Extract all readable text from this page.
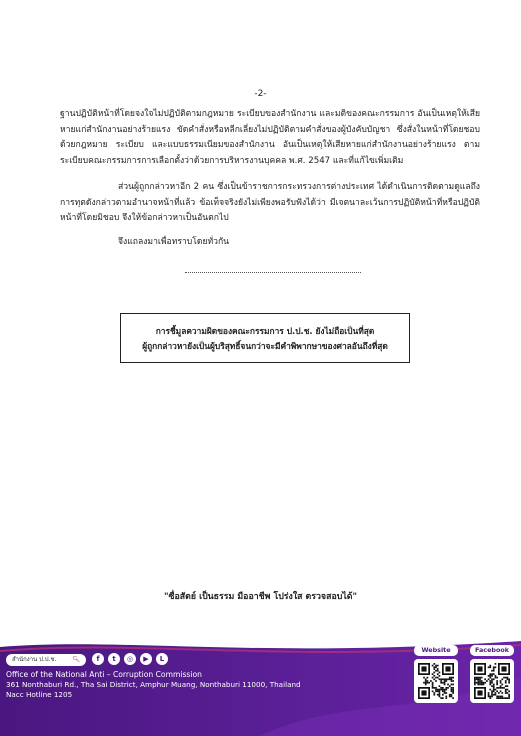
-2-

ฐานปฏิบัติหน้าที่โดยจงใจไม่ปฏิบัติตามกฎหมาย ระเบียบของสำนักงาน และมติของคณะกรรมการ อันเป็นเหตุให้เสียหายแก่สำนักงานอย่างร้ายแรง ขัดคำสั่งหรือหลีกเลี่ยงไม่ปฏิบัติตามคำสั่งของผู้บังคับบัญชา ซึ่งสั่งในหน้าที่โดยชอบด้วยกฎหมาย ระเบียบ และแบบธรรมเนียมของสำนักงาน อันเป็นเหตุให้เสียหายแก่สำนักงานอย่างร้ายแรง ตามระเบียบคณะกรรมการการเลือกตั้งว่าด้วยการบริหารงานบุคคล พ.ศ. 2547 และที่แก้ไขเพิ่มเติม

ส่วนผู้ถูกกล่าวหาอีก 2 คน ซึ่งเป็นข้าราชการกระทรวงการต่างประเทศ ได้ดำเนินการติดตามดูแลถึงการทุตดังกล่าวตามอำนาจหน้าที่แล้ว ข้อเท็จจริงยังไม่เพียงพอรับฟังได้ว่า มีเจตนาละเว้นการปฏิบัติหน้าที่หรือปฏิบัติหน้าที่โดยมิชอบ จึงให้ข้อกล่าวหาเป็นอันตกไป

จึงแถลงมาเพื่อทราบโดยทั่วกัน

การชี้มูลความผิดของคณะกรรมการ ป.ป.ช. ยังไม่ถือเป็นที่สุด
ผู้ถูกกล่าวหายังเป็นผู้บริสุทธิ์จนกว่าจะมีคำพิพากษาของศาลอันถึงที่สุด
"ซื่อสัตย์ เป็นธรรม มืออาชีพ โปร่งใส ตรวจสอบได้"
สำนักงาน ป.ป.ช.	🔍︎	f	t	◎	▶	L
Office of the National Anti – Corruption Commission
361 Nonthaburi Rd., Tha Sai District, Amphur Muang, Nonthaburi 11000, Thailand
Nacc Hotline 1205
Website	Facebook
